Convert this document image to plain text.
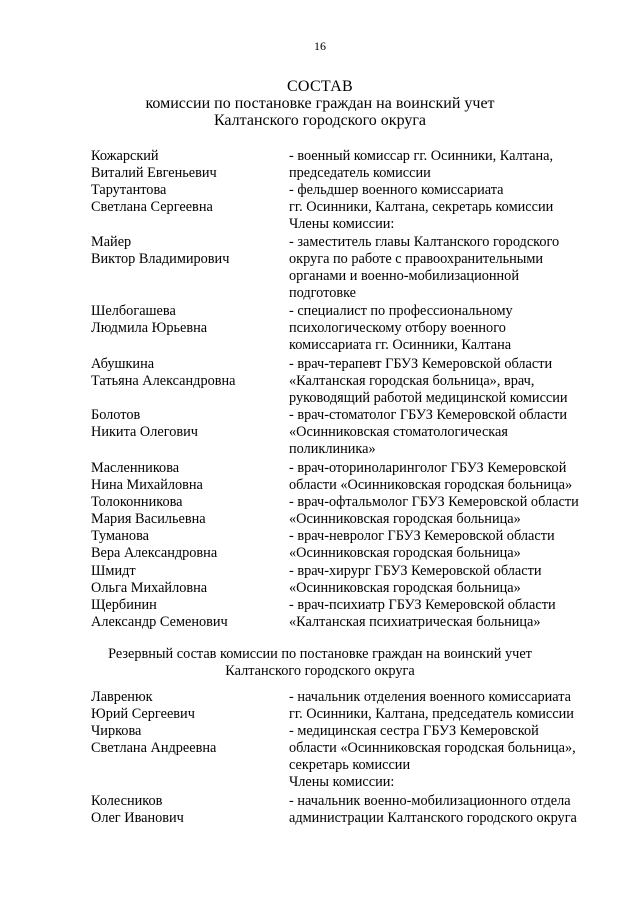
16
СОСТАВ
комиссии по постановке граждан на воинский учет
Калтанского городского округа
Кожарский	- военный комиссар гг. Осинники, Калтана,
Виталий Евгеньевич	председатель комиссии
Тарутантова	- фельдшер военного комиссариата
Светлана Сергеевна	гг. Осинники, Калтана, секретарь комиссии
Члены комиссии:
Майер	- заместитель главы Калтанского городского
Виктор Владимирович	округа по работе с правоохранительными
органами и военно-мобилизационной
подготовке
Шелбогашева	- специалист по профессиональному
Людмила Юрьевна	психологическому отбору военного
комиссариата гг. Осинники, Калтана
Абушкина	- врач-терапевт ГБУЗ Кемеровской области
Татьяна Александровна	«Калтанская городская больница», врач,
руководящий работой медицинской комиссии
Болотов	- врач-стоматолог ГБУЗ Кемеровской области
Никита Олегович	«Осинниковская стоматологическая
поликлиника»
Масленникова	- врач-оториноларинголог ГБУЗ Кемеровской
Нина Михайловна	области «Осинниковская городская больница»
Толоконникова	- врач-офтальмолог ГБУЗ Кемеровской области
Мария Васильевна	«Осинниковская городская больница»
Туманова	- врач-невролог ГБУЗ Кемеровской области
Вера Александровна	«Осинниковская городская больница»
Шмидт	- врач-хирург ГБУЗ Кемеровской области
Ольга Михайловна	«Осинниковская городская больница»
Щербинин	- врач-психиатр ГБУЗ Кемеровской области
Александр Семенович	«Калтанская психиатрическая больница»
Резервный состав комиссии по постановке граждан на воинский учет
Калтанского городского округа
Лавренюк	- начальник отделения военного комиссариата
Юрий Сергеевич	гг. Осинники, Калтана, председатель комиссии
Чиркова	- медицинская сестра ГБУЗ Кемеровской
Светлана Андреевна	области «Осинниковская городская больница»,
секретарь комиссии
Члены комиссии:
Колесников	- начальник военно-мобилизационного отдела
Олег Иванович	администрации Калтанского городского округа
